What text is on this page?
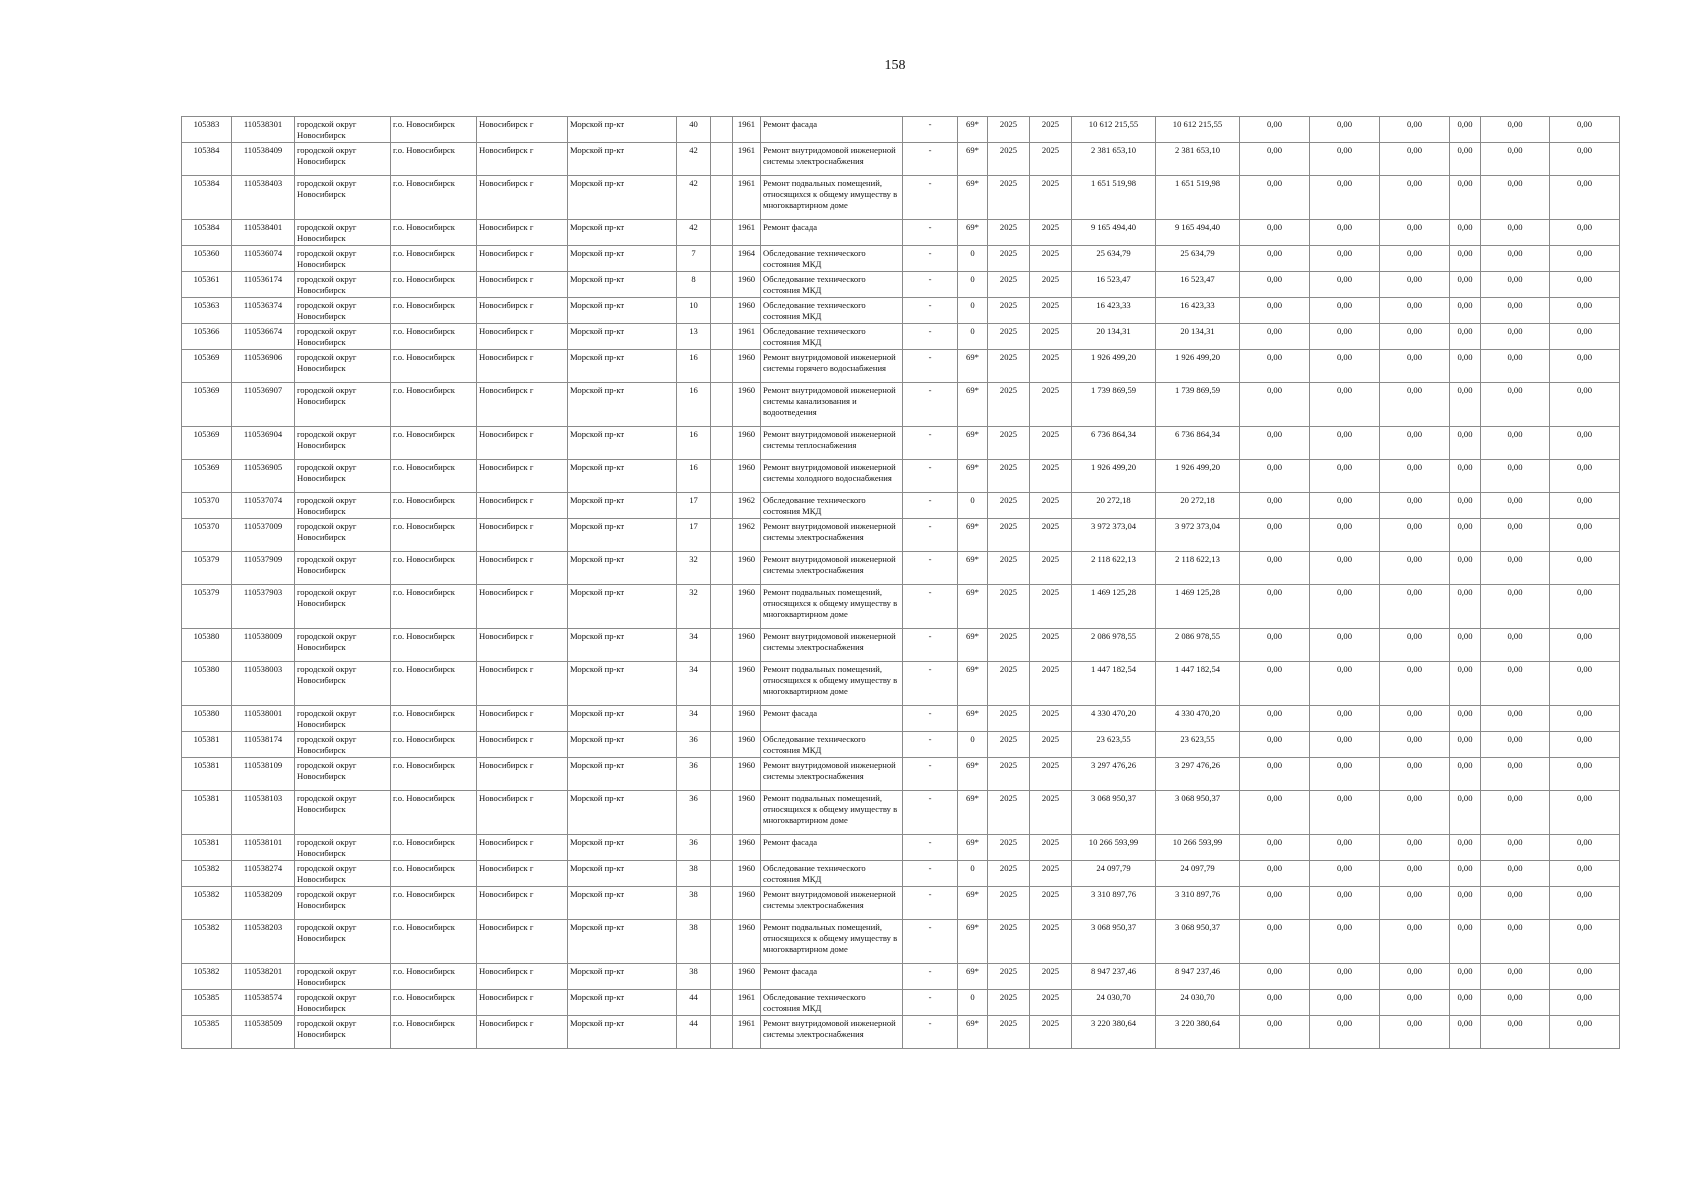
158
105383	110538301	городской округ Новосибирск	г.о. Новосибирск	Новосибирск г	Морской пр-кт	40		1961	Ремонт фасада	-	69*	2025	2025	10 612 215,55	10 612 215,55	0,00	0,00	0,00	0,00	0,00	0,00
105384	110538409	городской округ Новосибирск	г.о. Новосибирск	Новосибирск г	Морской пр-кт	42		1961	Ремонт внутридомовой инженерной системы электроснабжения	-	69*	2025	2025	2 381 653,10	2 381 653,10	0,00	0,00	0,00	0,00	0,00	0,00
105384	110538403	городской округ Новосибирск	г.о. Новосибирск	Новосибирск г	Морской пр-кт	42		1961	Ремонт подвальных помещений, относящихся к общему имуществу в многоквартирном доме	-	69*	2025	2025	1 651 519,98	1 651 519,98	0,00	0,00	0,00	0,00	0,00	0,00
105384	110538401	городской округ Новосибирск	г.о. Новосибирск	Новосибирск г	Морской пр-кт	42		1961	Ремонт фасада	-	69*	2025	2025	9 165 494,40	9 165 494,40	0,00	0,00	0,00	0,00	0,00	0,00
105360	110536074	городской округ Новосибирск	г.о. Новосибирск	Новосибирск г	Морской пр-кт	7		1964	Обследование технического состояния МКД	-	0	2025	2025	25 634,79	25 634,79	0,00	0,00	0,00	0,00	0,00	0,00
105361	110536174	городской округ Новосибирск	г.о. Новосибирск	Новосибирск г	Морской пр-кт	8		1960	Обследование технического состояния МКД	-	0	2025	2025	16 523,47	16 523,47	0,00	0,00	0,00	0,00	0,00	0,00
105363	110536374	городской округ Новосибирск	г.о. Новосибирск	Новосибирск г	Морской пр-кт	10		1960	Обследование технического состояния МКД	-	0	2025	2025	16 423,33	16 423,33	0,00	0,00	0,00	0,00	0,00	0,00
105366	110536674	городской округ Новосибирск	г.о. Новосибирск	Новосибирск г	Морской пр-кт	13		1961	Обследование технического состояния МКД	-	0	2025	2025	20 134,31	20 134,31	0,00	0,00	0,00	0,00	0,00	0,00
105369	110536906	городской округ Новосибирск	г.о. Новосибирск	Новосибирск г	Морской пр-кт	16		1960	Ремонт внутридомовой инженерной системы горячего водоснабжения	-	69*	2025	2025	1 926 499,20	1 926 499,20	0,00	0,00	0,00	0,00	0,00	0,00
105369	110536907	городской округ Новосибирск	г.о. Новосибирск	Новосибирск г	Морской пр-кт	16		1960	Ремонт внутридомовой инженерной системы канализования и водоотведения	-	69*	2025	2025	1 739 869,59	1 739 869,59	0,00	0,00	0,00	0,00	0,00	0,00
105369	110536904	городской округ Новосибирск	г.о. Новосибирск	Новосибирск г	Морской пр-кт	16		1960	Ремонт внутридомовой инженерной системы теплоснабжения	-	69*	2025	2025	6 736 864,34	6 736 864,34	0,00	0,00	0,00	0,00	0,00	0,00
105369	110536905	городской округ Новосибирск	г.о. Новосибирск	Новосибирск г	Морской пр-кт	16		1960	Ремонт внутридомовой инженерной системы холодного водоснабжения	-	69*	2025	2025	1 926 499,20	1 926 499,20	0,00	0,00	0,00	0,00	0,00	0,00
105370	110537074	городской округ Новосибирск	г.о. Новосибирск	Новосибирск г	Морской пр-кт	17		1962	Обследование технического состояния МКД	-	0	2025	2025	20 272,18	20 272,18	0,00	0,00	0,00	0,00	0,00	0,00
105370	110537009	городской округ Новосибирск	г.о. Новосибирск	Новосибирск г	Морской пр-кт	17		1962	Ремонт внутридомовой инженерной системы электроснабжения	-	69*	2025	2025	3 972 373,04	3 972 373,04	0,00	0,00	0,00	0,00	0,00	0,00
105379	110537909	городской округ Новосибирск	г.о. Новосибирск	Новосибирск г	Морской пр-кт	32		1960	Ремонт внутридомовой инженерной системы электроснабжения	-	69*	2025	2025	2 118 622,13	2 118 622,13	0,00	0,00	0,00	0,00	0,00	0,00
105379	110537903	городской округ Новосибирск	г.о. Новосибирск	Новосибирск г	Морской пр-кт	32		1960	Ремонт подвальных помещений, относящихся к общему имуществу в многоквартирном доме	-	69*	2025	2025	1 469 125,28	1 469 125,28	0,00	0,00	0,00	0,00	0,00	0,00
105380	110538009	городской округ Новосибирск	г.о. Новосибирск	Новосибирск г	Морской пр-кт	34		1960	Ремонт внутридомовой инженерной системы электроснабжения	-	69*	2025	2025	2 086 978,55	2 086 978,55	0,00	0,00	0,00	0,00	0,00	0,00
105380	110538003	городской округ Новосибирск	г.о. Новосибирск	Новосибирск г	Морской пр-кт	34		1960	Ремонт подвальных помещений, относящихся к общему имуществу в многоквартирном доме	-	69*	2025	2025	1 447 182,54	1 447 182,54	0,00	0,00	0,00	0,00	0,00	0,00
105380	110538001	городской округ Новосибирск	г.о. Новосибирск	Новосибирск г	Морской пр-кт	34		1960	Ремонт фасада	-	69*	2025	2025	4 330 470,20	4 330 470,20	0,00	0,00	0,00	0,00	0,00	0,00
105381	110538174	городской округ Новосибирск	г.о. Новосибирск	Новосибирск г	Морской пр-кт	36		1960	Обследование технического состояния МКД	-	0	2025	2025	23 623,55	23 623,55	0,00	0,00	0,00	0,00	0,00	0,00
105381	110538109	городской округ Новосибирск	г.о. Новосибирск	Новосибирск г	Морской пр-кт	36		1960	Ремонт внутридомовой инженерной системы электроснабжения	-	69*	2025	2025	3 297 476,26	3 297 476,26	0,00	0,00	0,00	0,00	0,00	0,00
105381	110538103	городской округ Новосибирск	г.о. Новосибирск	Новосибирск г	Морской пр-кт	36		1960	Ремонт подвальных помещений, относящихся к общему имуществу в многоквартирном доме	-	69*	2025	2025	3 068 950,37	3 068 950,37	0,00	0,00	0,00	0,00	0,00	0,00
105381	110538101	городской округ Новосибирск	г.о. Новосибирск	Новосибирск г	Морской пр-кт	36		1960	Ремонт фасада	-	69*	2025	2025	10 266 593,99	10 266 593,99	0,00	0,00	0,00	0,00	0,00	0,00
105382	110538274	городской округ Новосибирск	г.о. Новосибирск	Новосибирск г	Морской пр-кт	38		1960	Обследование технического состояния МКД	-	0	2025	2025	24 097,79	24 097,79	0,00	0,00	0,00	0,00	0,00	0,00
105382	110538209	городской округ Новосибирск	г.о. Новосибирск	Новосибирск г	Морской пр-кт	38		1960	Ремонт внутридомовой инженерной системы электроснабжения	-	69*	2025	2025	3 310 897,76	3 310 897,76	0,00	0,00	0,00	0,00	0,00	0,00
105382	110538203	городской округ Новосибирск	г.о. Новосибирск	Новосибирск г	Морской пр-кт	38		1960	Ремонт подвальных помещений, относящихся к общему имуществу в многоквартирном доме	-	69*	2025	2025	3 068 950,37	3 068 950,37	0,00	0,00	0,00	0,00	0,00	0,00
105382	110538201	городской округ Новосибирск	г.о. Новосибирск	Новосибирск г	Морской пр-кт	38		1960	Ремонт фасада	-	69*	2025	2025	8 947 237,46	8 947 237,46	0,00	0,00	0,00	0,00	0,00	0,00
105385	110538574	городской округ Новосибирск	г.о. Новосибирск	Новосибирск г	Морской пр-кт	44		1961	Обследование технического состояния МКД	-	0	2025	2025	24 030,70	24 030,70	0,00	0,00	0,00	0,00	0,00	0,00
105385	110538509	городской округ Новосибирск	г.о. Новосибирск	Новосибирск г	Морской пр-кт	44		1961	Ремонт внутридомовой инженерной системы электроснабжения	-	69*	2025	2025	3 220 380,64	3 220 380,64	0,00	0,00	0,00	0,00	0,00	0,00
